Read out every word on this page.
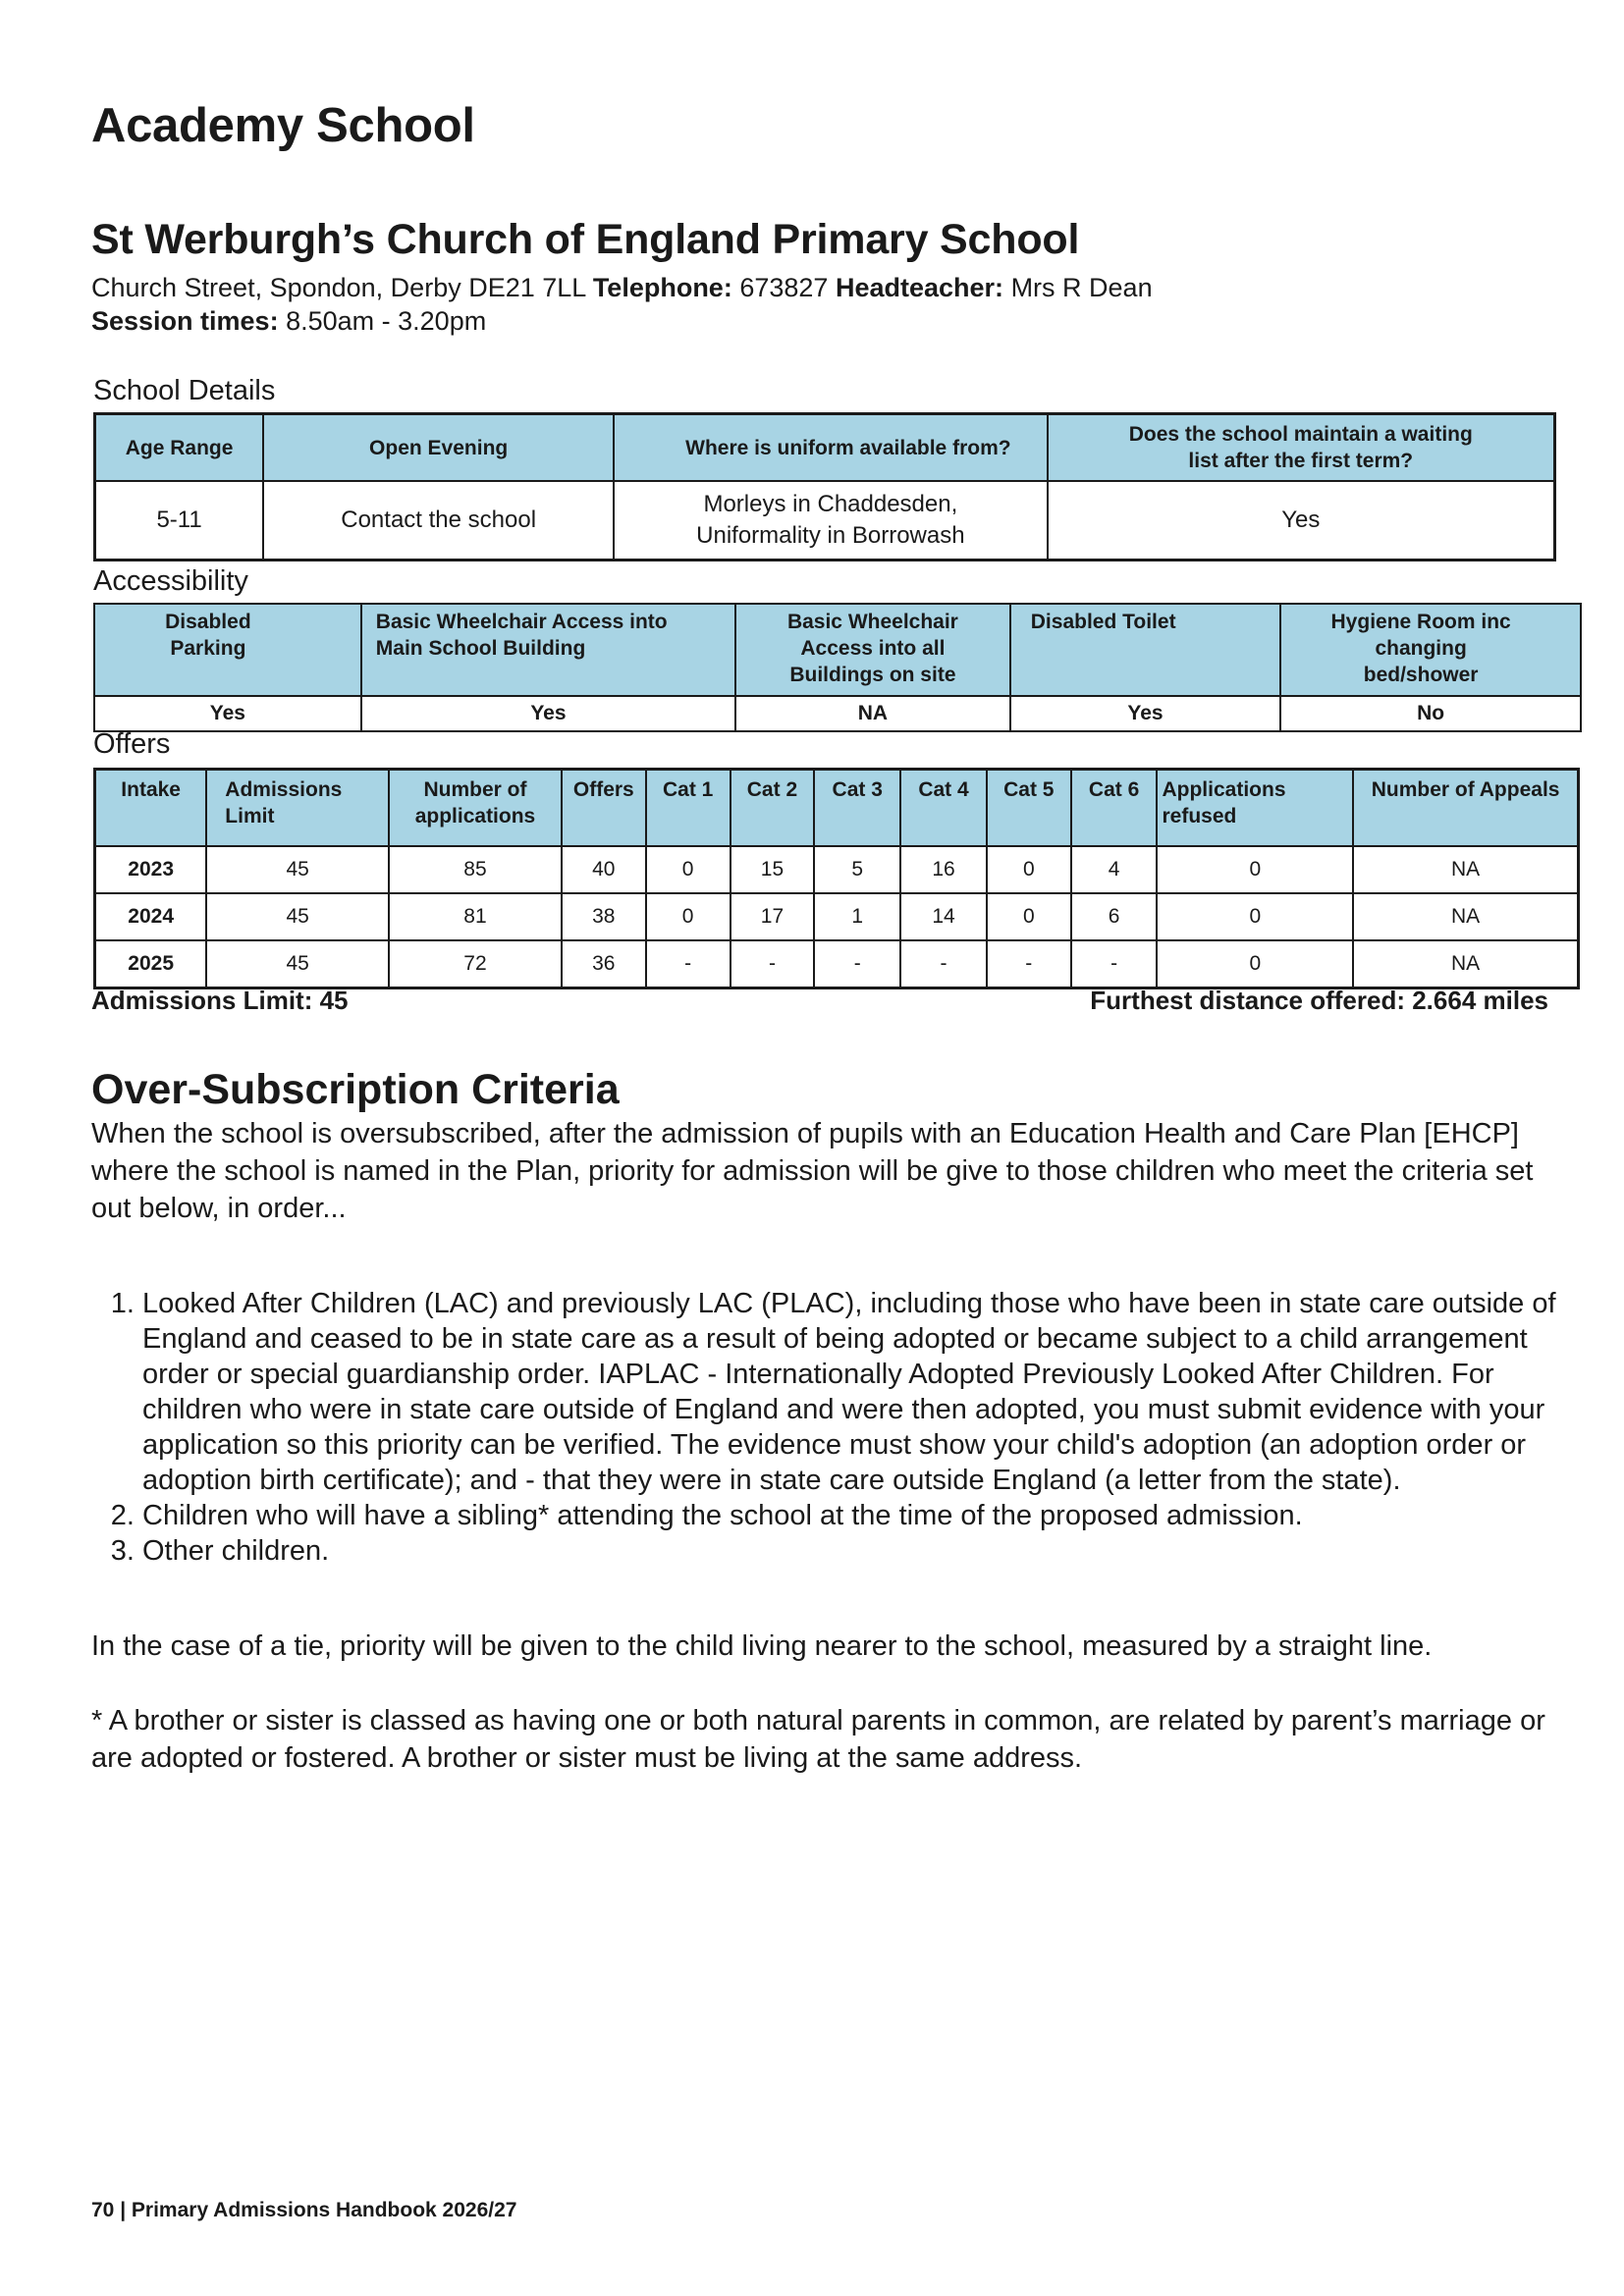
Academy School
St Werburgh’s Church of England Primary School
Church Street, Spondon, Derby DE21 7LL Telephone: 673827 Headteacher: Mrs R Dean
Session times: 8.50am - 3.20pm
School Details
Age Range	Open Evening	Where is uniform available from?	Does the school maintain a waiting list after the first term?
5-11	Contact the school	Morleys in Chaddesden, Uniformality in Borrowash	Yes
Accessibility
Disabled Parking	Basic Wheelchair Access into Main School Building	Basic Wheelchair Access into all Buildings on site	Disabled Toilet	Hygiene Room inc changing bed/shower
Yes	Yes	NA	Yes	No
Offers
Intake	Admissions Limit	Number of applications	Offers	Cat 1	Cat 2	Cat 3	Cat 4	Cat 5	Cat 6	Applications refused	Number of Appeals
2023	45	85	40	0	15	5	16	0	4	0	NA
2024	45	81	38	0	17	1	14	0	6	0	NA
2025	45	72	36	-	-	-	-	-	-	0	NA
Admissions Limit: 45	Furthest distance offered: 2.664 miles
Over-Subscription Criteria
When the school is oversubscribed, after the admission of pupils with an Education Health and Care Plan [EHCP] where the school is named in the Plan, priority for admission will be give to those children who meet the criteria set out below, in order...
1. Looked After Children (LAC) and previously LAC (PLAC), including those who have been in state care outside of England and ceased to be in state care as a result of being adopted or became subject to a child arrangement order or special guardianship order. IAPLAC - Internationally Adopted Previously Looked After Children. For children who were in state care outside of England and were then adopted, you must submit evidence with your application so this priority can be verified. The evidence must show your child's adoption (an adoption order or adoption birth certificate); and - that they were in state care outside England (a letter from the state).
2. Children who will have a sibling* attending the school at the time of the proposed admission.
3. Other children.
In the case of a tie, priority will be given to the child living nearer to the school, measured by a straight line.
* A brother or sister is classed as having one or both natural parents in common, are related by parent’s marriage or are adopted or fostered. A brother or sister must be living at the same address.
70 | Primary Admissions Handbook 2026/27
